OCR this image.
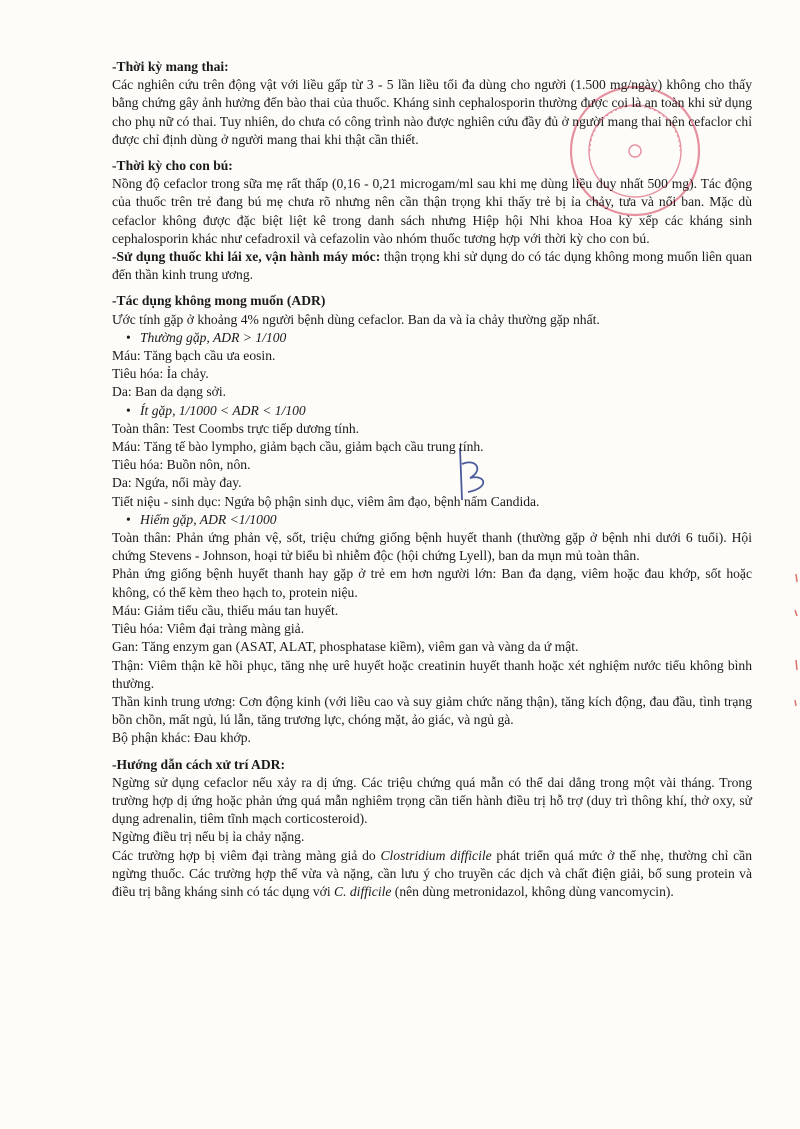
-Thời kỳ mang thai:
Các nghiên cứu trên động vật với liều gấp từ 3 - 5 lần liều tối đa dùng cho người (1.500 mg/ngày) không cho thấy bằng chứng gây ảnh hưởng đến bào thai của thuốc. Kháng sinh cephalosporin thường được coi là an toàn khi sử dụng cho phụ nữ có thai. Tuy nhiên, do chưa có công trình nào được nghiên cứu đầy đủ ở người mang thai nên cefaclor chỉ được chỉ định dùng ở người mang thai khi thật cần thiết.
-Thời kỳ cho con bú:
Nồng độ cefaclor trong sữa mẹ rất thấp (0,16 - 0,21 microgam/ml sau khi mẹ dùng liều duy nhất 500 mg). Tác động của thuốc trên trẻ đang bú mẹ chưa rõ nhưng nên cần thận trọng khi thấy trẻ bị ỉa chảy, tưa và nổi ban. Mặc dù cefaclor không được đặc biệt liệt kê trong danh sách nhưng Hiệp hội Nhi khoa Hoa kỳ xếp các kháng sinh cephalosporin khác như cefadroxil và cefazolin vào nhóm thuốc tương hợp với thời kỳ cho con bú.
-Sử dụng thuốc khi lái xe, vận hành máy móc: thận trọng khi sử dụng do có tác dụng không mong muốn liên quan đến thần kinh trung ương.
-Tác dụng không mong muốn (ADR)
Ước tính gặp ở khoảng 4% người bệnh dùng cefaclor. Ban da và ỉa chảy thường gặp nhất.
• Thường gặp, ADR > 1/100
Máu: Tăng bạch cầu ưa eosin.
Tiêu hóa: Ỉa chảy.
Da: Ban da dạng sởi.
• Ít gặp, 1/1000 < ADR < 1/100
Toàn thân: Test Coombs trực tiếp dương tính.
Máu: Tăng tế bào lympho, giảm bạch cầu, giảm bạch cầu trung tính.
Tiêu hóa: Buồn nôn, nôn.
Da: Ngứa, nổi mày đay.
Tiết niệu - sinh dục: Ngứa bộ phận sinh dục, viêm âm đạo, bệnh nấm Candida.
• Hiếm gặp, ADR <1/1000
Toàn thân: Phản ứng phản vệ, sốt, triệu chứng giống bệnh huyết thanh (thường gặp ở bệnh nhi dưới 6 tuổi). Hội chứng Stevens - Johnson, hoại tử biểu bì nhiễm độc (hội chứng Lyell), ban da mụn mủ toàn thân.
Phản ứng giống bệnh huyết thanh hay gặp ở trẻ em hơn người lớn: Ban đa dạng, viêm hoặc đau khớp, sốt hoặc không, có thể kèm theo hạch to, protein niệu.
Máu: Giảm tiểu cầu, thiếu máu tan huyết.
Tiêu hóa: Viêm đại tràng màng giả.
Gan: Tăng enzym gan (ASAT, ALAT, phosphatase kiềm), viêm gan và vàng da ứ mật.
Thận: Viêm thận kẽ hồi phục, tăng nhẹ urê huyết hoặc creatinin huyết thanh hoặc xét nghiệm nước tiểu không bình thường.
Thần kinh trung ương: Cơn động kinh (với liều cao và suy giảm chức năng thận), tăng kích động, đau đầu, tình trạng bồn chồn, mất ngủ, lú lẫn, tăng trương lực, chóng mặt, ảo giác, và ngủ gà.
Bộ phận khác: Đau khớp.
-Hướng dẫn cách xử trí ADR:
Ngừng sử dụng cefaclor nếu xảy ra dị ứng. Các triệu chứng quá mẫn có thể dai dẳng trong một vài tháng. Trong trường hợp dị ứng hoặc phản ứng quá mẫn nghiêm trọng cần tiến hành điều trị hỗ trợ (duy trì thông khí, thở oxy, sử dụng adrenalin, tiêm tĩnh mạch corticosteroid).
Ngừng điều trị nếu bị ỉa chảy nặng.
Các trường hợp bị viêm đại tràng màng giả do Clostridium difficile phát triển quá mức ở thể nhẹ, thường chỉ cần ngừng thuốc. Các trường hợp thể vừa và nặng, cần lưu ý cho truyền các dịch và chất điện giải, bổ sung protein và điều trị bằng kháng sinh có tác dụng với C. difficile (nên dùng metronidazol, không dùng vancomycin).
